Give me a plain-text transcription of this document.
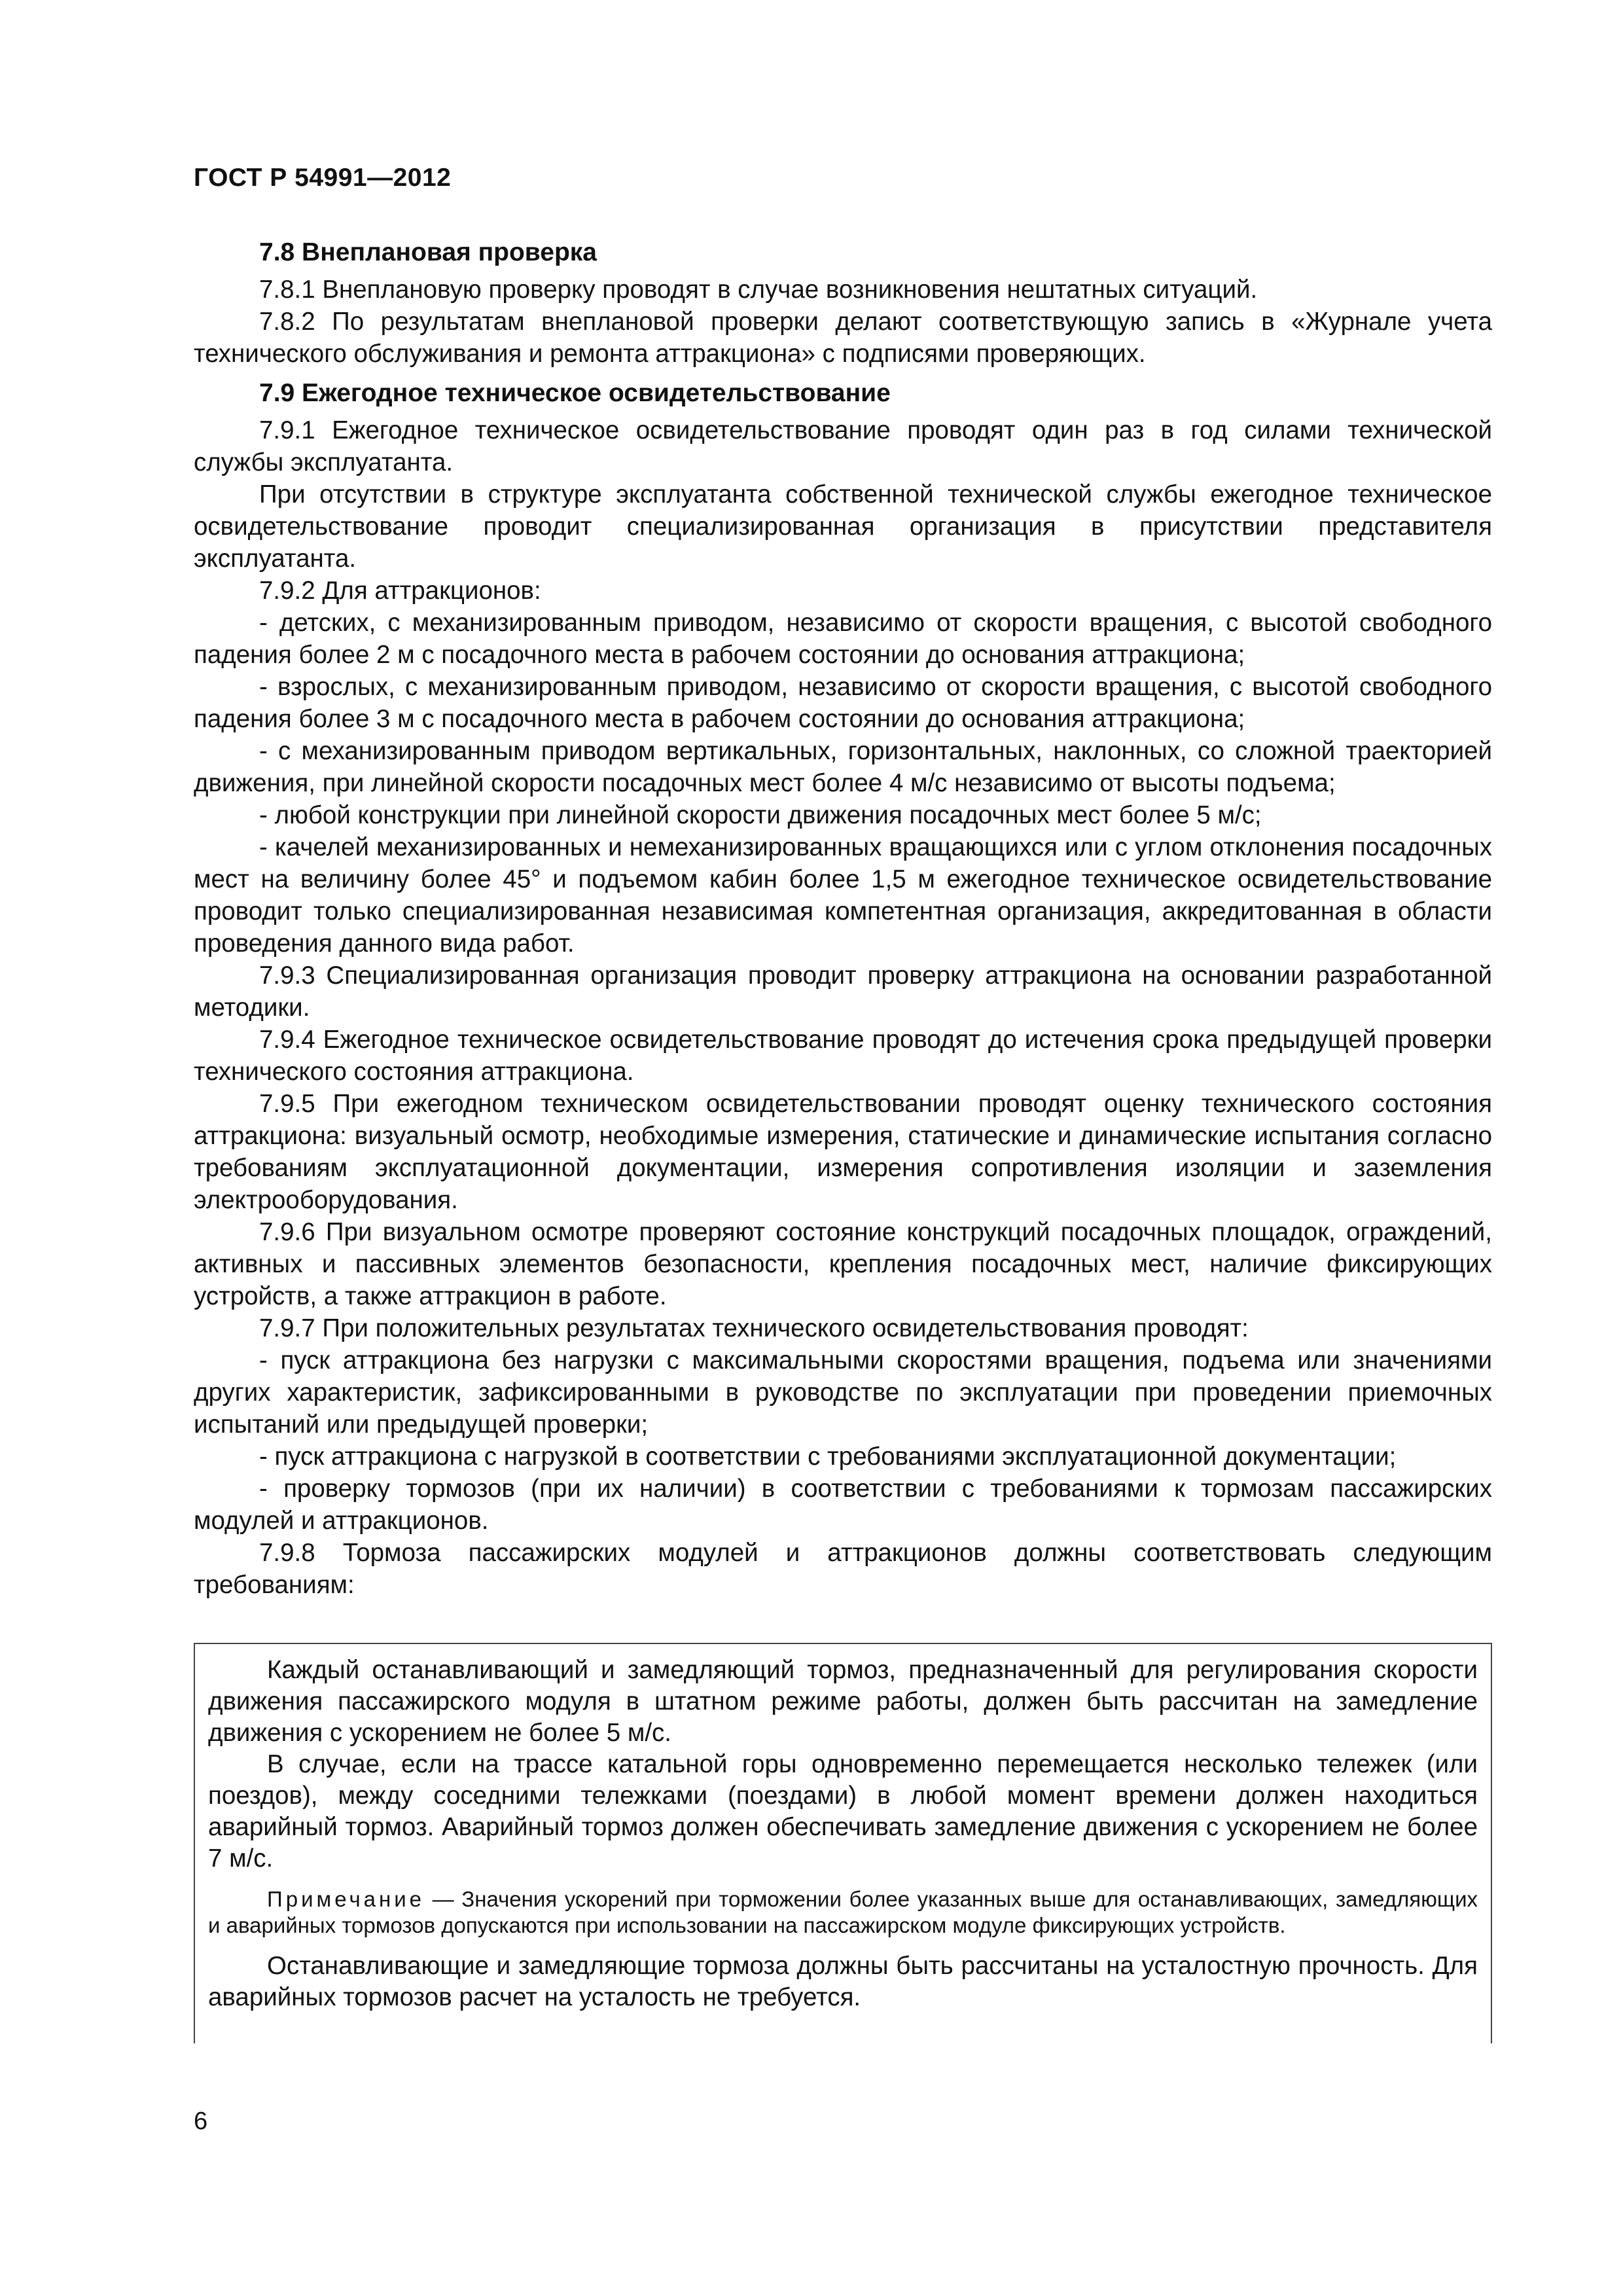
ГОСТ Р 54991—2012
7.8 Внеплановая проверка

7.8.1 Внеплановую проверку проводят в случае возникновения нештатных ситуаций.

7.8.2 По результатам внеплановой проверки делают соответствующую запись в «Журнале учета технического обслуживания и ремонта аттракциона» с подписями проверяющих.

7.9 Ежегодное техническое освидетельствование

7.9.1 Ежегодное техническое освидетельствование проводят один раз в год силами технической службы эксплуатанта.

При отсутствии в структуре эксплуатанта собственной технической службы ежегодное техническое освидетельствование проводит специализированная организация в присутствии представителя эксплуатанта.

7.9.2 Для аттракционов:

- детских, с механизированным приводом, независимо от скорости вращения, с высотой свободного падения более 2 м с посадочного места в рабочем состоянии до основания аттракциона;

- взрослых, с механизированным приводом, независимо от скорости вращения, с высотой свободного падения более 3 м с посадочного места в рабочем состоянии до основания аттракциона;

- с механизированным приводом вертикальных, горизонтальных, наклонных, со сложной траекторией движения, при линейной скорости посадочных мест более 4 м/с независимо от высоты подъема;

- любой конструкции при линейной скорости движения посадочных мест более 5 м/с;

- качелей механизированных и немеханизированных вращающихся или с углом отклонения посадочных мест на величину более 45° и подъемом кабин более 1,5 м ежегодное техническое освидетельствование проводит только специализированная независимая компетентная организация, аккредитованная в области проведения данного вида работ.

7.9.3 Специализированная организация проводит проверку аттракциона на основании разработанной методики.

7.9.4 Ежегодное техническое освидетельствование проводят до истечения срока предыдущей проверки технического состояния аттракциона.

7.9.5 При ежегодном техническом освидетельствовании проводят оценку технического состояния аттракциона: визуальный осмотр, необходимые измерения, статические и динамические испытания согласно требованиям эксплуатационной документации, измерения сопротивления изоляции и заземления электрооборудования.

7.9.6 При визуальном осмотре проверяют состояние конструкций посадочных площадок, ограждений, активных и пассивных элементов безопасности, крепления посадочных мест, наличие фиксирующих устройств, а также аттракцион в работе.

7.9.7 При положительных результатах технического освидетельствования проводят:

- пуск аттракциона без нагрузки с максимальными скоростями вращения, подъема или значениями других характеристик, зафиксированными в руководстве по эксплуатации при проведении приемочных испытаний или предыдущей проверки;

- пуск аттракциона с нагрузкой в соответствии с требованиями эксплуатационной документации;

- проверку тормозов (при их наличии) в соответствии с требованиями к тормозам пассажирских модулей и аттракционов.

7.9.8 Тормоза пассажирских модулей и аттракционов должны соответствовать следующим требованиям:

Каждый останавливающий и замедляющий тормоз, предназначенный для регулирования скорости движения пассажирского модуля в штатном режиме работы, должен быть рассчитан на замедление движения с ускорением не более 5 м/с.

В случае, если на трассе катальной горы одновременно перемещается несколько тележек (или поездов), между соседними тележками (поездами) в любой момент времени должен находиться аварийный тормоз. Аварийный тормоз должен обеспечивать замедление движения с ускорением не более 7 м/с.

Примечание — Значения ускорений при торможении более указанных выше для останавливающих, замедляющих и аварийных тормозов допускаются при использовании на пассажирском модуле фиксирующих устройств.

Останавливающие и замедляющие тормоза должны быть рассчитаны на усталостную прочность. Для аварийных тормозов расчет на усталость не требуется.

6
